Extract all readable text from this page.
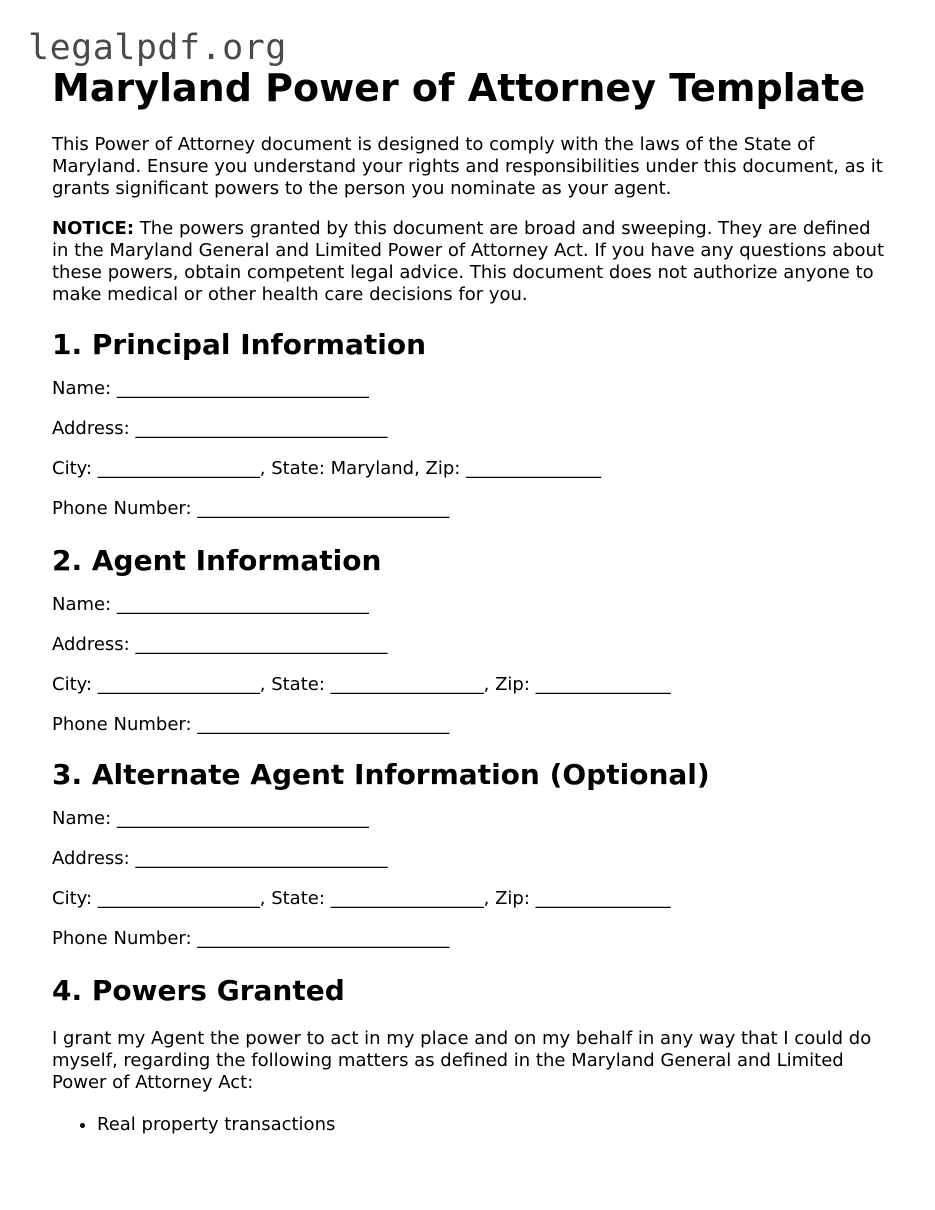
legalpdf.org
Maryland Power of Attorney Template

This Power of Attorney document is designed to comply with the laws of the State of Maryland. Ensure you understand your rights and responsibilities under this document, as it grants significant powers to the person you nominate as your agent.

NOTICE: The powers granted by this document are broad and sweeping. They are defined in the Maryland General and Limited Power of Attorney Act. If you have any questions about these powers, obtain competent legal advice. This document does not authorize anyone to make medical or other health care decisions for you.

1. Principal Information
Name: ____________________________
Address: ____________________________
City: __________________, State: Maryland, Zip: _______________
Phone Number: ____________________________
2. Agent Information
Name: ____________________________
Address: ____________________________
City: __________________, State: _________________, Zip: _______________
Phone Number: ____________________________
3. Alternate Agent Information (Optional)
Name: ____________________________
Address: ____________________________
City: __________________, State: _________________, Zip: _______________
Phone Number: ____________________________
4. Powers Granted

I grant my Agent the power to act in my place and on my behalf in any way that I could do myself, regarding the following matters as defined in the Maryland General and Limited Power of Attorney Act:

• Real property transactions
